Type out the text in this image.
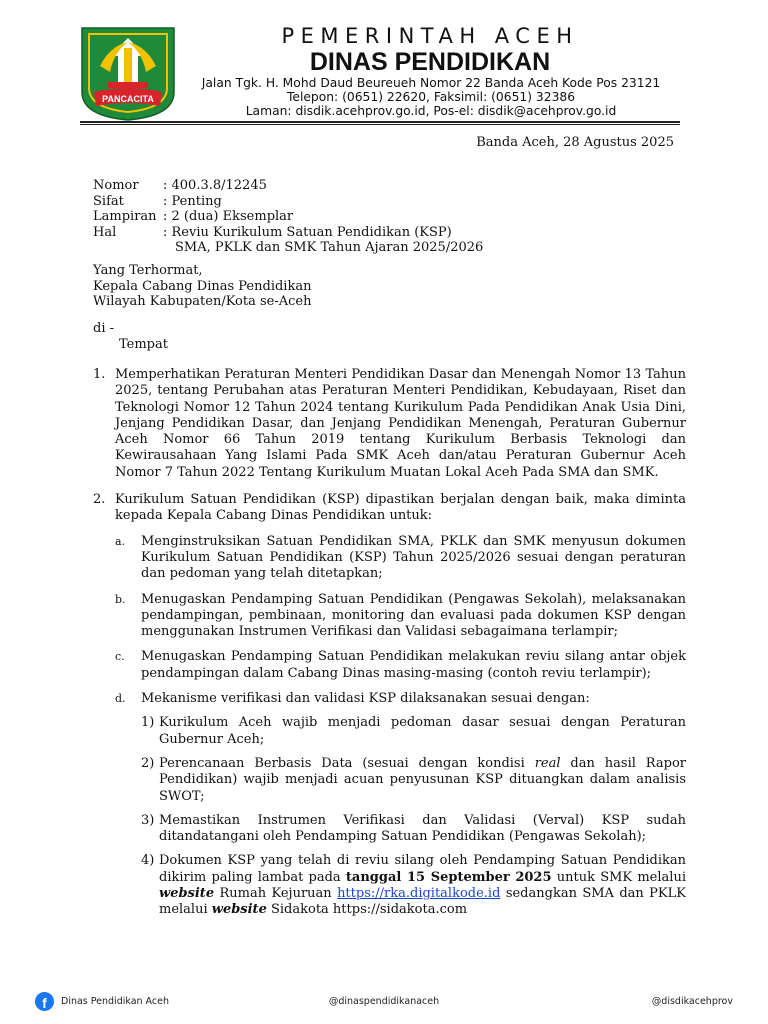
PANCACITA
PEMERINTAH ACEH
DINAS PENDIDIKAN
Jalan Tgk. H. Mohd Daud Beureueh Nomor 22 Banda Aceh Kode Pos 23121
Telepon: (0651) 22620, Faksimil: (0651) 32386
Laman: disdik.acehprov.go.id, Pos-el: disdik@acehprov.go.id
Banda Aceh, 28 Agustus 2025
Nomor	: 400.3.8/12245
Sifat	: Penting
Lampiran : 2 (dua) Eksemplar
Hal	: Reviu Kurikulum Satuan Pendidikan (KSP)
SMA, PKLK dan SMK Tahun Ajaran 2025/2026
Yang Terhormat,
Kepala Cabang Dinas Pendidikan
Wilayah Kabupaten/Kota se-Aceh
di -
Tempat
1. Memperhatikan Peraturan Menteri Pendidikan Dasar dan Menengah Nomor 13 Tahun 2025, tentang Perubahan atas Peraturan Menteri Pendidikan, Kebudayaan, Riset dan Teknologi Nomor 12 Tahun 2024 tentang Kurikulum Pada Pendidikan Anak Usia Dini, Jenjang Pendidikan Dasar, dan Jenjang Pendidikan Menengah, Peraturan Gubernur Aceh Nomor 66 Tahun 2019 tentang Kurikulum Berbasis Teknologi dan Kewirausahaan Yang Islami Pada SMK Aceh dan/atau Peraturan Gubernur Aceh Nomor 7 Tahun 2022 Tentang Kurikulum Muatan Lokal Aceh Pada SMA dan SMK.
2. Kurikulum Satuan Pendidikan (KSP) dipastikan berjalan dengan baik, maka diminta kepada Kepala Cabang Dinas Pendidikan untuk:
a.	Menginstruksikan Satuan Pendidikan SMA, PKLK dan SMK menyusun dokumen Kurikulum Satuan Pendidikan (KSP) Tahun 2025/2026 sesuai dengan peraturan dan pedoman yang telah ditetapkan;
b.	Menugaskan Pendamping Satuan Pendidikan (Pengawas Sekolah), melaksanakan pendampingan, pembinaan, monitoring dan evaluasi pada dokumen KSP dengan menggunakan Instrumen Verifikasi dan Validasi sebagaimana terlampir;
c.	Menugaskan Pendamping Satuan Pendidikan melakukan reviu silang antar objek pendampingan dalam Cabang Dinas masing-masing (contoh reviu terlampir);
d.	Mekanisme verifikasi dan validasi KSP dilaksanakan sesuai dengan:
1) Kurikulum Aceh wajib menjadi pedoman dasar sesuai dengan Peraturan Gubernur Aceh;
2) Perencanaan Berbasis Data (sesuai dengan kondisi real dan hasil Rapor Pendidikan) wajib menjadi acuan penyusunan KSP dituangkan dalam analisis SWOT;
3) Memastikan Instrumen Verifikasi dan Validasi (Verval) KSP sudah ditandatangani oleh Pendamping Satuan Pendidikan (Pengawas Sekolah);
4) Dokumen KSP yang telah di reviu silang oleh Pendamping Satuan Pendidikan dikirim paling lambat pada tanggal 15 September 2025 untuk SMK melalui website Rumah Kejuruan https://rka.digitalkode.id sedangkan SMA dan PKLK melalui website Sidakota https://sidakota.com
f	Dinas Pendidikan Aceh	@dinaspendidikanaceh	@disdikacehprov
